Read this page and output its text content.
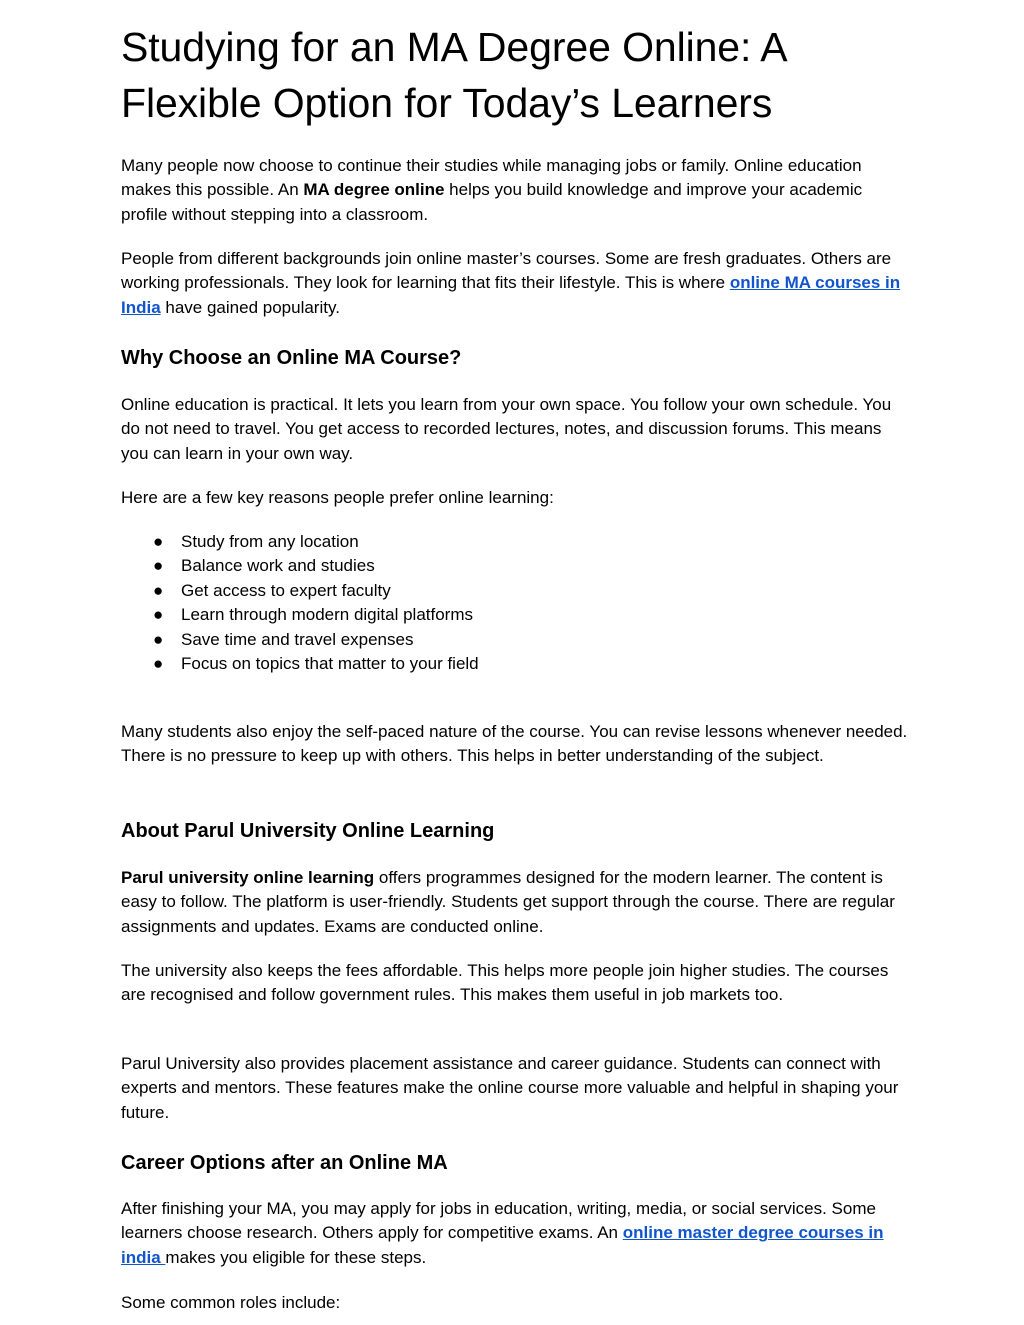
Studying for an MA Degree Online: A Flexible Option for Today’s Learners

Many people now choose to continue their studies while managing jobs or family. Online education makes this possible. An MA degree online helps you build knowledge and improve your academic profile without stepping into a classroom.

People from different backgrounds join online master’s courses. Some are fresh graduates. Others are working professionals. They look for learning that fits their lifestyle. This is where online MA courses in India have gained popularity.

Why Choose an Online MA Course?

Online education is practical. It lets you learn from your own space. You follow your own schedule. You do not need to travel. You get access to recorded lectures, notes, and discussion forums. This means you can learn in your own way.

Here are a few key reasons people prefer online learning:

● Study from any location
● Balance work and studies
● Get access to expert faculty
● Learn through modern digital platforms
● Save time and travel expenses
● Focus on topics that matter to your field

Many students also enjoy the self-paced nature of the course. You can revise lessons whenever needed. There is no pressure to keep up with others. This helps in better understanding of the subject.

About Parul University Online Learning

Parul university online learning offers programmes designed for the modern learner. The content is easy to follow. The platform is user-friendly. Students get support through the course. There are regular assignments and updates. Exams are conducted online.

The university also keeps the fees affordable. This helps more people join higher studies. The courses are recognised and follow government rules. This makes them useful in job markets too.

Parul University also provides placement assistance and career guidance. Students can connect with experts and mentors. These features make the online course more valuable and helpful in shaping your future.

Career Options after an Online MA

After finishing your MA, you may apply for jobs in education, writing, media, or social services. Some learners choose research. Others apply for competitive exams. An online master degree courses in india makes you eligible for these steps.

Some common roles include:
